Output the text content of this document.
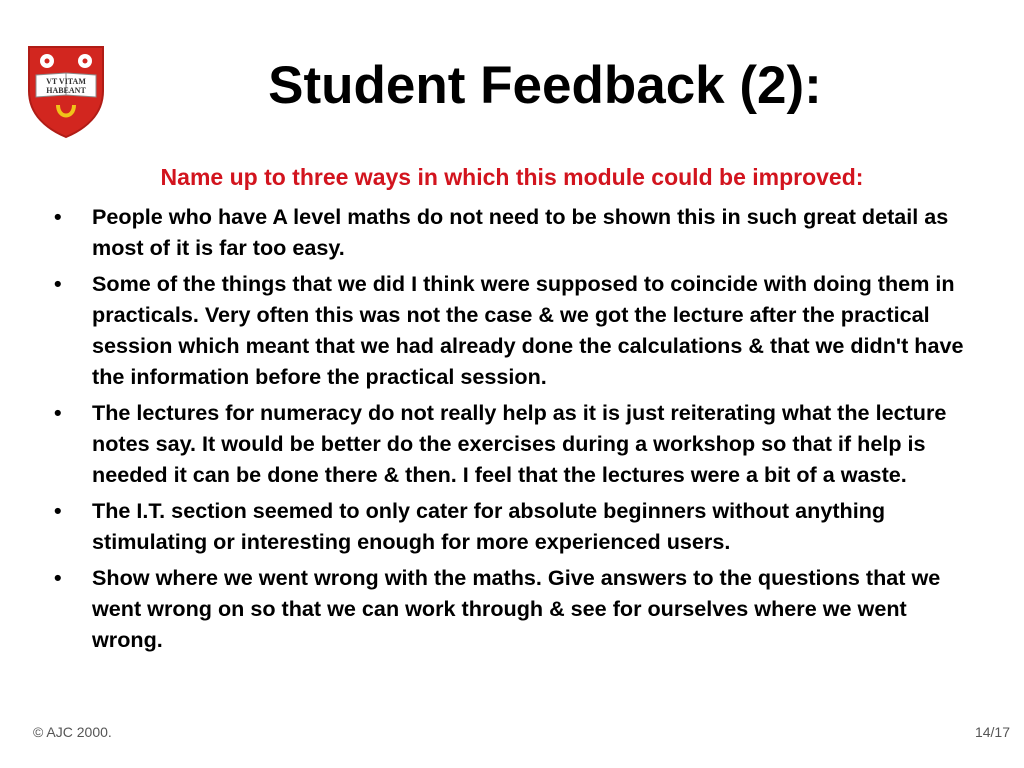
VT VITAM
HABEANT	Student Feedback (2):
Name up to three ways in which this module could be improved:
• People who have A level maths do not need to be shown this in such great detail as most of it is far too easy.
• Some of the things that we did I think were supposed to coincide with doing them in practicals. Very often this was not the case & we got the lecture after the practical session which meant that we had already done the calculations & that we didn't have the information before the practical session.
• The lectures for numeracy do not really help as it is just reiterating what the lecture notes say. It would be better do the exercises during a workshop so that if help is needed it can be done there & then. I feel that the lectures were a bit of a waste.
• The I.T. section seemed to only cater for absolute beginners without anything stimulating or interesting enough for more experienced users.
• Show where we went wrong with the maths. Give answers to the questions that we went wrong on so that we can work through & see for ourselves where we went wrong.
© AJC 2000.	14/17
